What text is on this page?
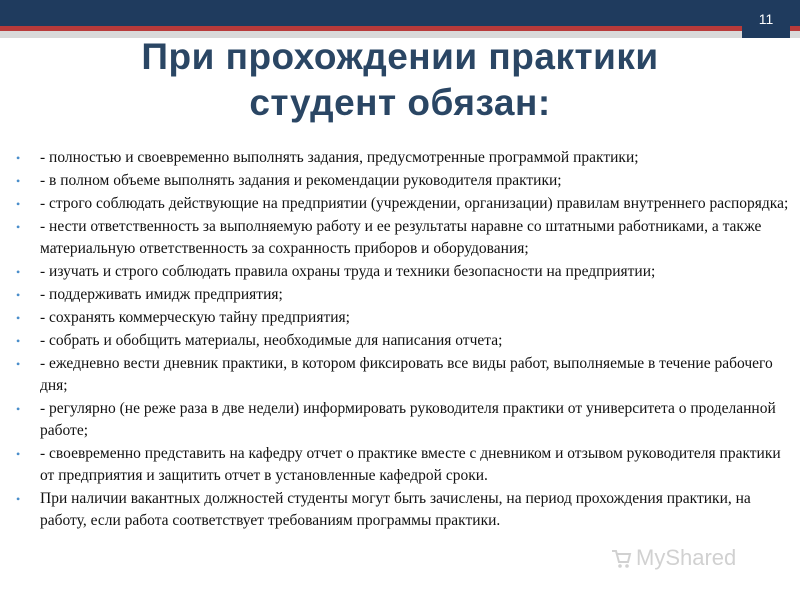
11
При прохождении практики
студент обязан:
• - полностью и своевременно выполнять задания, предусмотренные программой практики;
• - в полном объеме выполнять задания и рекомендации руководителя практики;
• - строго соблюдать действующие на предприятии (учреждении, организации) правилам внутреннего распорядка;
• - нести ответственность за выполняемую работу и ее результаты наравне со штатными работниками, а также материальную ответственность за сохранность приборов и оборудования;
• - изучать и строго соблюдать правила охраны труда и техники безопасности на предприятии;
• - поддерживать имидж предприятия;
• - сохранять коммерческую тайну предприятия;
• - собрать и обобщить материалы, необходимые для написания отчета;
• - ежедневно вести дневник практики, в котором фиксировать все виды работ, выполняемые в течение рабочего дня;
• - регулярно (не реже раза в две недели) информировать руководителя практики от университета о проделанной работе;
• - своевременно представить на кафедру отчет о практике вместе с дневником и отзывом руководителя практики от предприятия и защитить отчет в установленные кафедрой сроки.
• При наличии вакантных должностей студенты могут быть зачислены, на период прохождения практики, на работу, если работа соответствует требованиям программы практики.
MyShared
